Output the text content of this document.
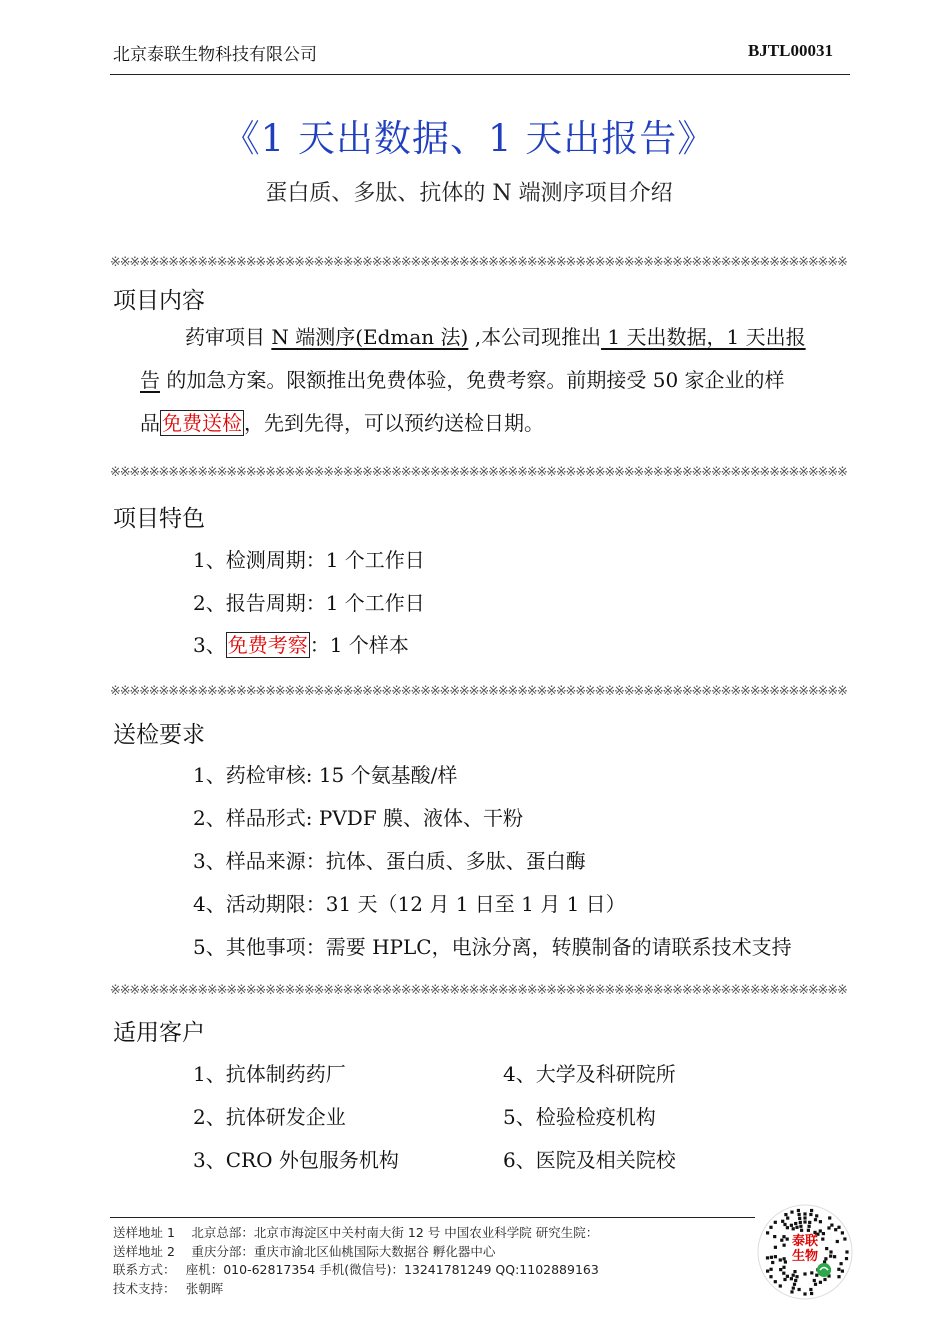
北京泰联生物科技有限公司	BJTL00031
《1 天出数据、1 天出报告》
蛋白质、多肽、抗体的 N 端测序项目介绍
※※※※※※※※※※※※※※※※※※※※※※※※※※※※※※※※※※※※※※※※※※※※※※※※※※※※※※※※※※※※※※※※※※※※※※※※※※※※
项目内容
药审项目 N 端测序(Edman 法) ,本公司现推出 1 天出数据，1 天出报
告 的加急方案。限额推出免费体验，免费考察。前期接受 50 家企业的样
品 免费送检 ，先到先得，可以预约送检日期。
※※※※※※※※※※※※※※※※※※※※※※※※※※※※※※※※※※※※※※※※※※※※※※※※※※※※※※※※※※※※※※※※※※※※※※※※※※※※
项目特色
1、检测周期：1 个工作日
2、报告周期：1 个工作日
3、 免费考察 ：1 个样本
※※※※※※※※※※※※※※※※※※※※※※※※※※※※※※※※※※※※※※※※※※※※※※※※※※※※※※※※※※※※※※※※※※※※※※※※※※※※
送检要求
1、药检审核: 15 个氨基酸/样
2、样品形式: PVDF 膜、液体、干粉
3、样品来源：抗体、蛋白质、多肽、蛋白酶
4、活动期限：31 天（12 月 1 日至 1 月 1 日）
5、其他事项：需要 HPLC，电泳分离，转膜制备的请联系技术支持
※※※※※※※※※※※※※※※※※※※※※※※※※※※※※※※※※※※※※※※※※※※※※※※※※※※※※※※※※※※※※※※※※※※※※※※※※※※※
适用客户
1、抗体制药药厂
2、抗体研发企业
3、CRO 外包服务机构
4、大学及科研院所
5、检验检疫机构
6、医院及相关院校
送样地址 1　 北京总部：北京市海淀区中关村南大街 12 号 中国农业科学院 研究生院：
送样地址 2　 重庆分部：重庆市渝北区仙桃国际大数据谷 孵化器中心
联系方式：　 座机：010-62817354 手机(微信号)：13241781249 QQ:1102889163
技术支持：　 张朝晖
泰联
生物
